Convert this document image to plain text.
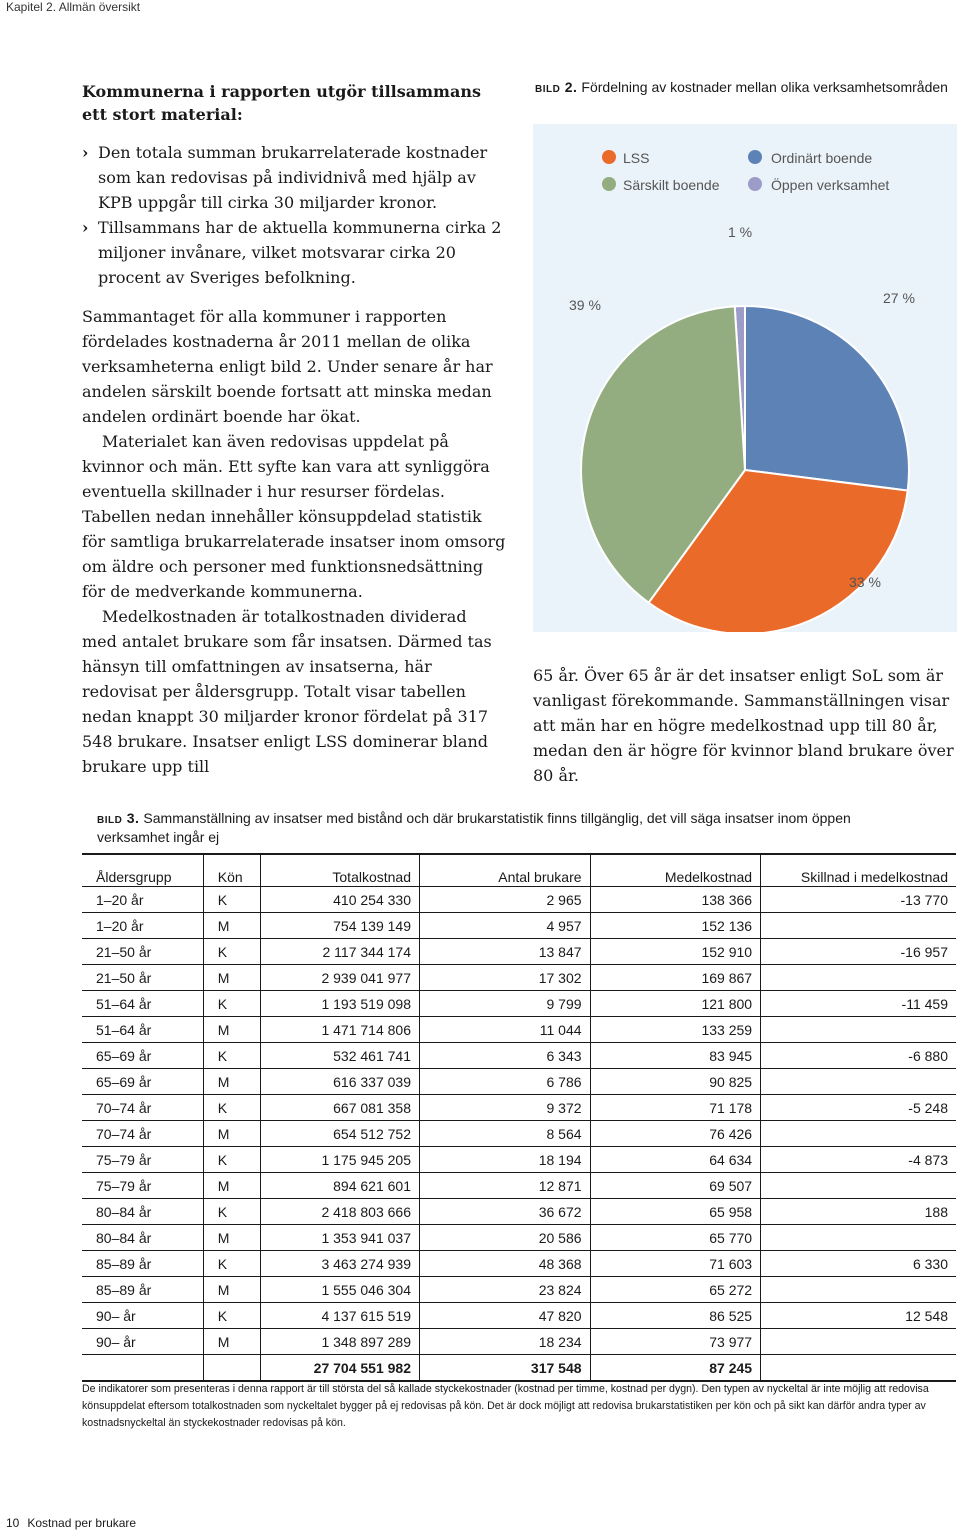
Kapitel 2. Allmän översikt
Kommunerna i rapporten utgör tillsammans ett stort material:
› Den totala summan brukarrelaterade kostnader som kan redovisas på individnivå med hjälp av KPB uppgår till cirka 30 miljarder kronor.
› Tillsammans har de aktuella kommunerna cirka 2 miljoner invånare, vilket motsvarar cirka 20 procent av Sveriges befolkning.

Sammantaget för alla kommuner i rapporten fördelades kostnaderna år 2011 mellan de olika verksamheterna enligt bild 2. Under senare år har andelen särskilt boende fortsatt att minska medan andelen ordinärt boende har ökat.

Materialet kan även redovisas uppdelat på kvinnor och män. Ett syfte kan vara att synliggöra eventuella skillnader i hur resurser fördelas. Tabellen nedan innehåller könsuppdelad statistik för samtliga brukarrelaterade insatser inom omsorg om äldre och personer med funktionsnedsättning för de medverkande kommunerna.

Medelkostnaden är totalkostnaden dividerad med antalet brukare som får insatsen. Därmed tas hänsyn till omfattningen av insatserna, här redovisat per åldersgrupp. Totalt visar tabellen nedan knappt 30 miljarder kronor fördelat på 317 548 brukare. Insatser enligt LSS dominerar bland brukare upp till

bild 2. Fördelning av kostnader mellan olika verksamhetsområden
LSS	Ordinärt boende
Särskilt boende	Öppen verksamhet
1 %
27 %
33 %
39 %
65 år. Över 65 år är det insatser enligt SoL som är vanligast förekommande. Sammanställningen visar att män har en högre medelkostnad upp till 80 år, medan den är högre för kvinnor bland brukare över 80 år.
bild 3. Sammanställning av insatser med bistånd och där brukarstatistik finns tillgänglig, det vill säga insatser inom öppen verksamhet ingår ej
Åldersgrupp	Kön	Totalkostnad	Antal brukare	Medelkostnad	Skillnad i medelkostnad
1–20 år	K	410 254 330	2 965	138 366	-13 770
1–20 år	M	754 139 149	4 957	152 136	
21–50 år	K	2 117 344 174	13 847	152 910	-16 957
21–50 år	M	2 939 041 977	17 302	169 867	
51–64 år	K	1 193 519 098	9 799	121 800	-11 459
51–64 år	M	1 471 714 806	11 044	133 259	
65–69 år	K	532 461 741	6 343	83 945	-6 880
65–69 år	M	616 337 039	6 786	90 825	
70–74 år	K	667 081 358	9 372	71 178	-5 248
70–74 år	M	654 512 752	8 564	76 426	
75–79 år	K	1 175 945 205	18 194	64 634	-4 873
75–79 år	M	894 621 601	12 871	69 507	
80–84 år	K	2 418 803 666	36 672	65 958	188
80–84 år	M	1 353 941 037	20 586	65 770	
85–89 år	K	3 463 274 939	48 368	71 603	6 330
85–89 år	M	1 555 046 304	23 824	65 272	
90– år	K	4 137 615 519	47 820	86 525	12 548
90– år	M	1 348 897 289	18 234	73 977	
		27 704 551 982	317 548	87 245	
De indikatorer som presenteras i denna rapport är till största del så kallade styckekostnader (kostnad per timme, kostnad per dygn). Den typen av nyckeltal är inte möjlig att redovisa könsuppdelat eftersom totalkostnaden som nyckeltalet bygger på ej redovisas på kön. Det är dock möjligt att redovisa brukarstatistiken per kön och på sikt kan därför andra typer av kostnadsnyckeltal än styckekostnader redovisas på kön.
10 Kostnad per brukare
